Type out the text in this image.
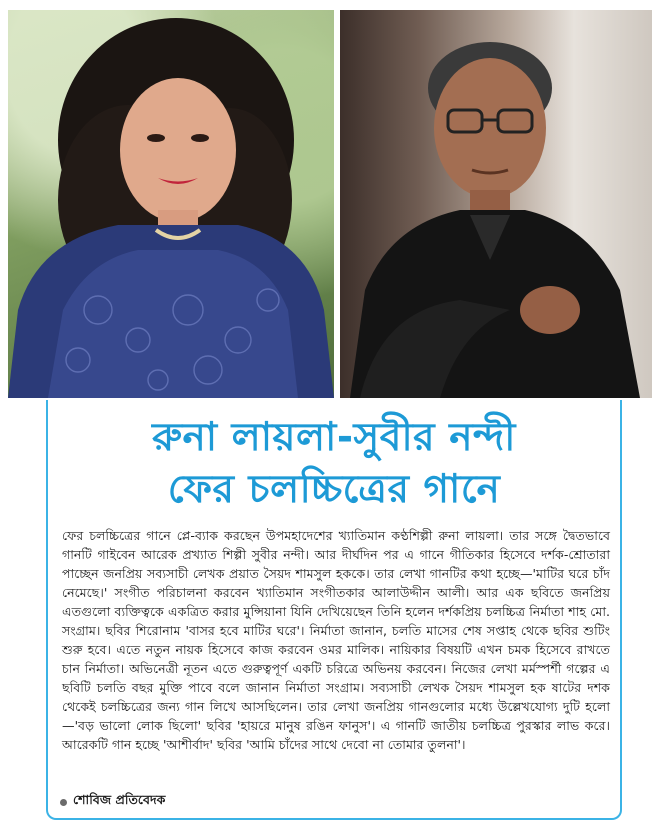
রুনা লায়লা-সুবীর নন্দী
ফের চলচ্চিত্রের গানে

ফের চলচ্চিত্রের গানে প্লে-ব্যাক করছেন উপমহাদেশের খ্যাতিমান কণ্ঠশিল্পী রুনা লায়লা। তার সঙ্গে দ্বৈতভাবে গানটি গাইবেন আরেক প্রখ্যাত শিল্পী সুবীর নন্দী। আর দীর্ঘদিন পর এ গানে গীতিকার হিসেবে দর্শক-শ্রোতারা পাচ্ছেন জনপ্রিয় সব্যসাচী লেখক প্রয়াত সৈয়দ শামসুল হককে। তার লেখা গানটির কথা হচ্ছে—'মাটির ঘরে চাঁদ নেমেছে।' সংগীত পরিচালনা করবেন খ্যাতিমান সংগীতকার আলাউদ্দীন আলী। আর এক ছবিতে জনপ্রিয় এতগুলো ব্যক্তিত্বকে একত্রিত করার মুন্সিয়ানা যিনি দেখিয়েছেন তিনি হলেন দর্শকপ্রিয় চলচ্চিত্র নির্মাতা শাহ মো. সংগ্রাম। ছবির শিরোনাম 'বাসর হবে মাটির ঘরে'। নির্মাতা জানান, চলতি মাসের শেষ সপ্তাহ থেকে ছবির শুটিং শুরু হবে। এতে নতুন নায়ক হিসেবে কাজ করবেন ওমর মালিক। নায়িকার বিষয়টি এখন চমক হিসেবে রাখতে চান নির্মাতা। অভিনেত্রী নূতন এতে গুরুত্বপূর্ণ একটি চরিত্রে অভিনয় করবেন। নিজের লেখা মর্মস্পর্শী গল্পের এ ছবিটি চলতি বছর মুক্তি পাবে বলে জানান নির্মাতা সংগ্রাম। সব্যসাচী লেখক সৈয়দ শামসুল হক ষাটের দশক থেকেই চলচ্চিত্রের জন্য গান লিখে আসছিলেন। তার লেখা জনপ্রিয় গানগুলোর মধ্যে উল্লেখযোগ্য দুটি হলো—'বড় ভালো লোক ছিলো' ছবির 'হায়রে মানুষ রঙিন ফানুস'। এ গানটি জাতীয় চলচ্চিত্র পুরস্কার লাভ করে। আরেকটি গান হচ্ছে 'আশীর্বাদ' ছবির 'আমি চাঁদের সাথে দেবো না তোমার তুলনা'।

শোবিজ প্রতিবেদক
